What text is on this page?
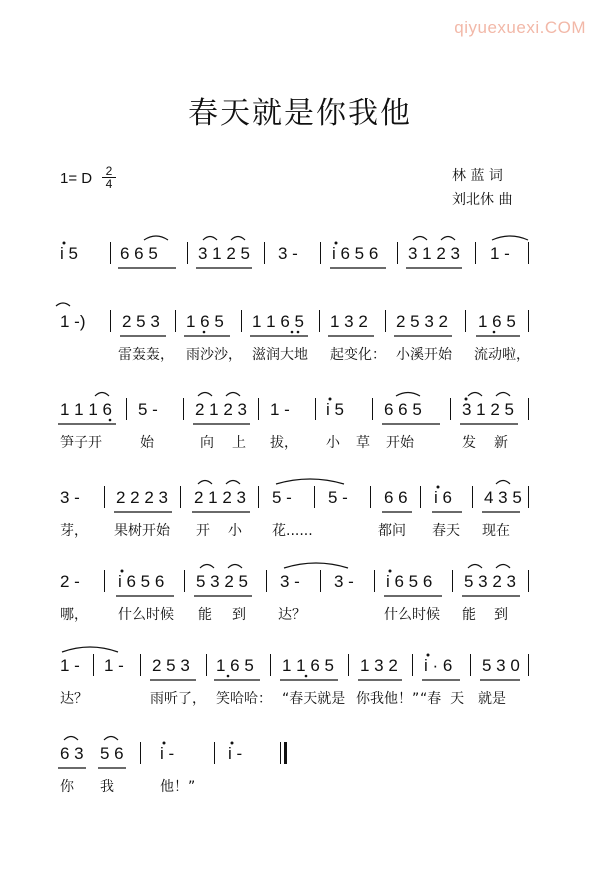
qiyuexuexi.COM
春天就是你我他
1= D	2
4	林 蓝 词
刘北休 曲
i 5 6 6 5 3 1 2 5 3 - i 6 5 6 3 1 2 3 1 -
1 -) 2 5 3 1 6 5 1 1 6 5 1 3 2 2 5 3 2 1 6 5
雷轰轰， 雨沙沙， 滋润大地 起变化： 小溪开始 流动啦，
1 1 1 6 5 - 2 1 2 3 1 - i 5 6 6 5 3 1 2 5
笋子开	始	向 上 拔， 小 草 开始	发 新
3 - 2 2 2 3 2 1 2 3 5 - 5 - 6 6 i 6 4 3 5
芽， 果树开始 开 小 花......	都问 春天 现在
2 - i 6 5 6 5 3 2 5 3 - 3 - i 6 5 6 5 3 2 3
哪， 什么时候 能 到 达？	什么时候 能 到
1 - 1 - 2 5 3 1 6 5 1 1 6 5 1 3 2 i · 6 5 3 0
达？	雨听了， 笑哈哈： “春天就是 你我他！” “春  天 就是
6 3 5 6 i -	i -
你 我	他！”
